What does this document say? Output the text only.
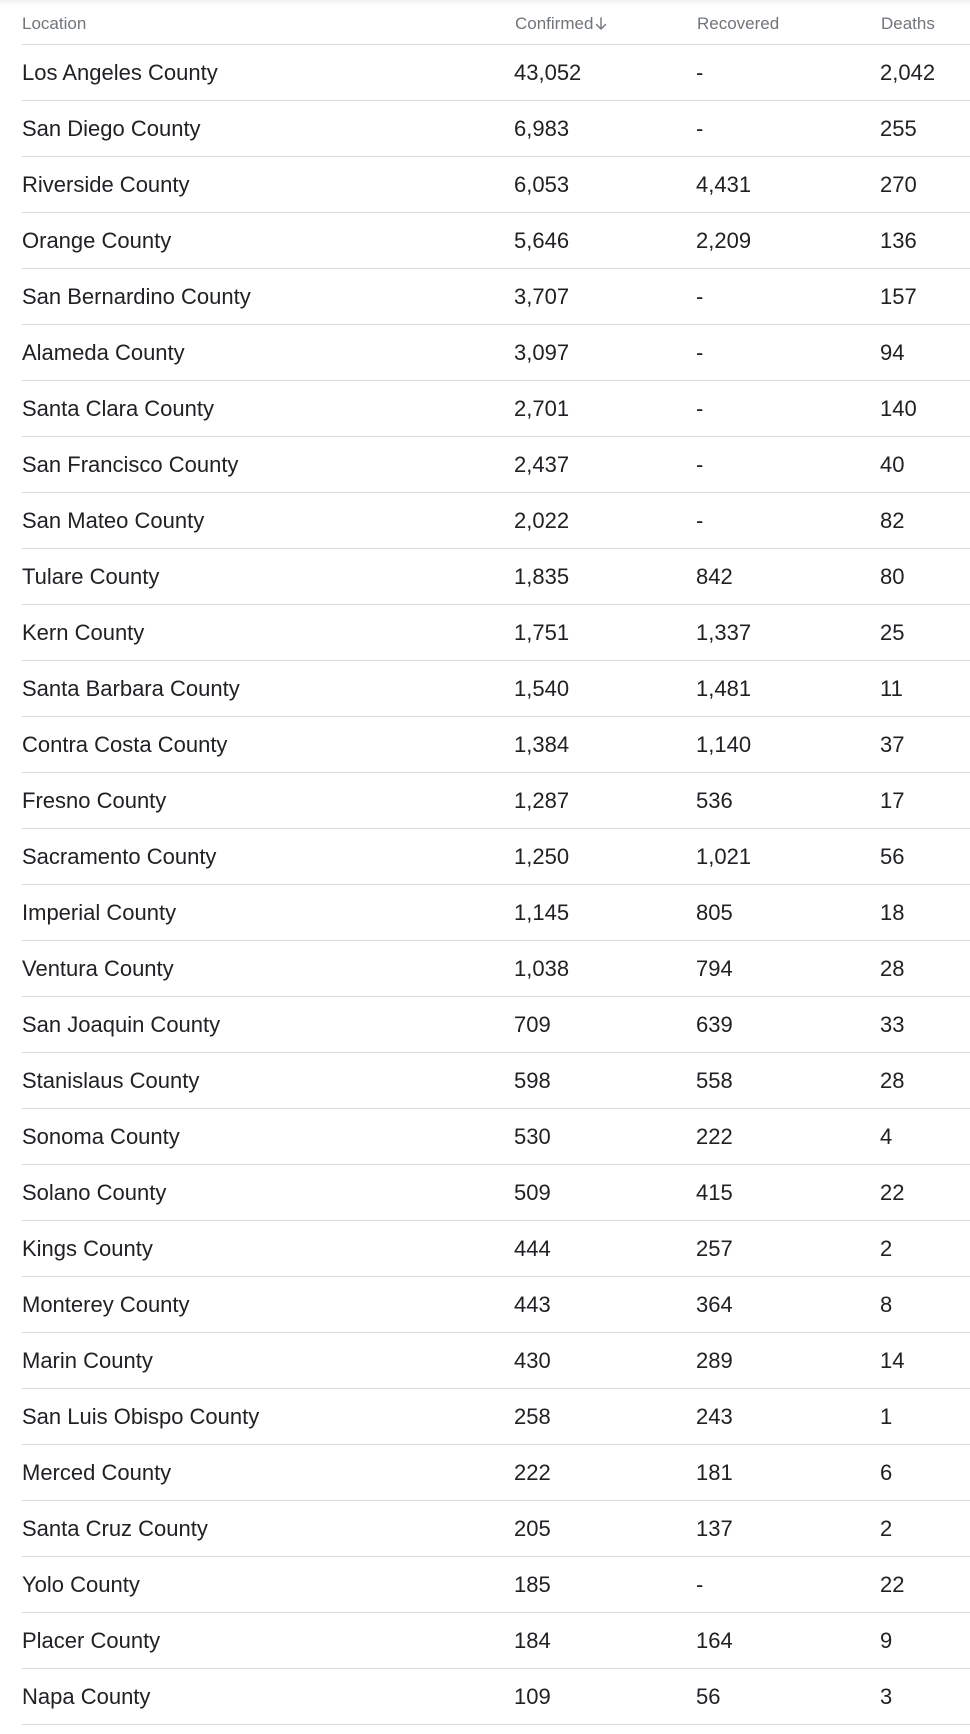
Location	Confirmed	Recovered	Deaths
Los Angeles County	43,052	-	2,042
San Diego County	6,983	-	255
Riverside County	6,053	4,431	270
Orange County	5,646	2,209	136
San Bernardino County	3,707	-	157
Alameda County	3,097	-	94
Santa Clara County	2,701	-	140
San Francisco County	2,437	-	40
San Mateo County	2,022	-	82
Tulare County	1,835	842	80
Kern County	1,751	1,337	25
Santa Barbara County	1,540	1,481	11
Contra Costa County	1,384	1,140	37
Fresno County	1,287	536	17
Sacramento County	1,250	1,021	56
Imperial County	1,145	805	18
Ventura County	1,038	794	28
San Joaquin County	709	639	33
Stanislaus County	598	558	28
Sonoma County	530	222	4
Solano County	509	415	22
Kings County	444	257	2
Monterey County	443	364	8
Marin County	430	289	14
San Luis Obispo County	258	243	1
Merced County	222	181	6
Santa Cruz County	205	137	2
Yolo County	185	-	22
Placer County	184	164	9
Napa County	109	56	3
